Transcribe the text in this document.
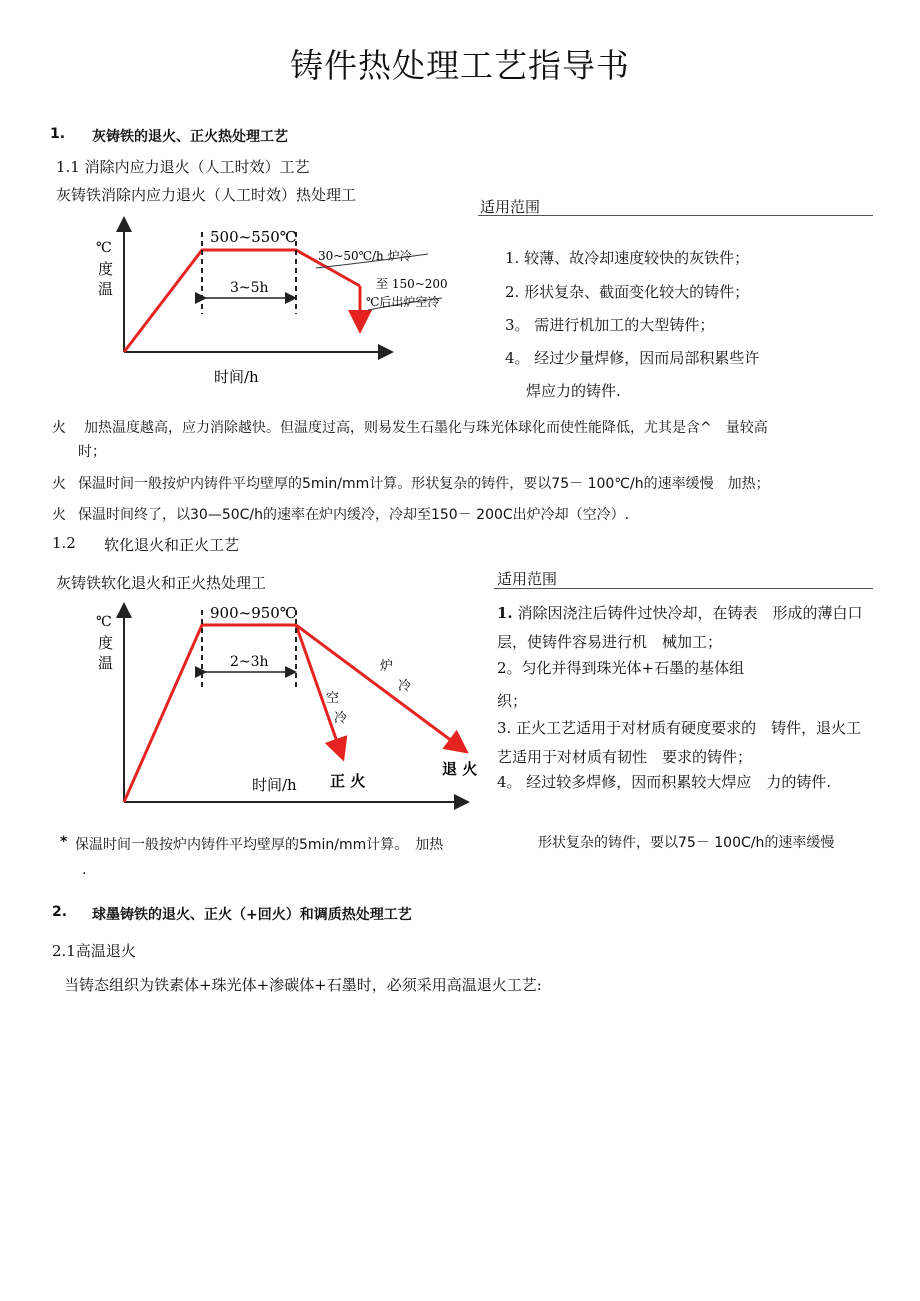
铸件热处理工艺指导书
1. 灰铸铁的退火、正火热处理工艺
1.1 消除内应力退火（人工时效）工艺
灰铸铁消除内应力退火（人工时效）热处理工
℃
度
温
500~550℃
3~5h
30~50℃/h 炉冷
至 150~200
℃后出炉空冷
时间/h
适用范围
1. 较薄、故冷却速度较快的灰铁件；
2. 形状复杂、截面变化较大的铸件；
3。 需进行机加工的大型铸件；
4。 经过少量焊修，因而局部积累些许
焊应力的铸件.
火 加热温度越高，应力消除越快。但温度过高，则易发生石墨化与珠光体球化而使性能降低，尤其是含^　量较高
时；
火 保温时间一般按炉内铸件平均壁厚的5min/mm计算。形状复杂的铸件，要以75－ 100℃/h的速率缓慢　加热；
火 保温时间终了，以30—50C/h的速率在炉内缓冷，冷却至150－ 200C出炉冷却（空冷）.
1.2 软化退火和正火工艺
灰铸铁软化退火和正火热处理工
℃
度
温
900~950℃
2~3h
空
冷
炉
冷
正 火
退 火
时间/h
适用范围
1. 消除因浇注后铸件过快冷却，在铸表　形成的薄白口层，使铸件容易进行机　械加工；
2。匀化并得到珠光体+石墨的基体组
织；
3. 正火工艺适用于对材质有硬度要求的　铸件，退火工艺适用于对材质有韧性　要求的铸件；
4。 经过较多焊修，因而积累较大焊应　力的铸件.
* 保温时间一般按炉内铸件平均壁厚的5min/mm计算。　加热	形状复杂的铸件，要以75－ 100C/h的速率缓慢
.
2. 球墨铸铁的退火、正火（+回火）和调质热处理工艺
2.1高温退火
当铸态组织为铁素体+珠光体+渗碳体+石墨时，必须采用高温退火工艺:
